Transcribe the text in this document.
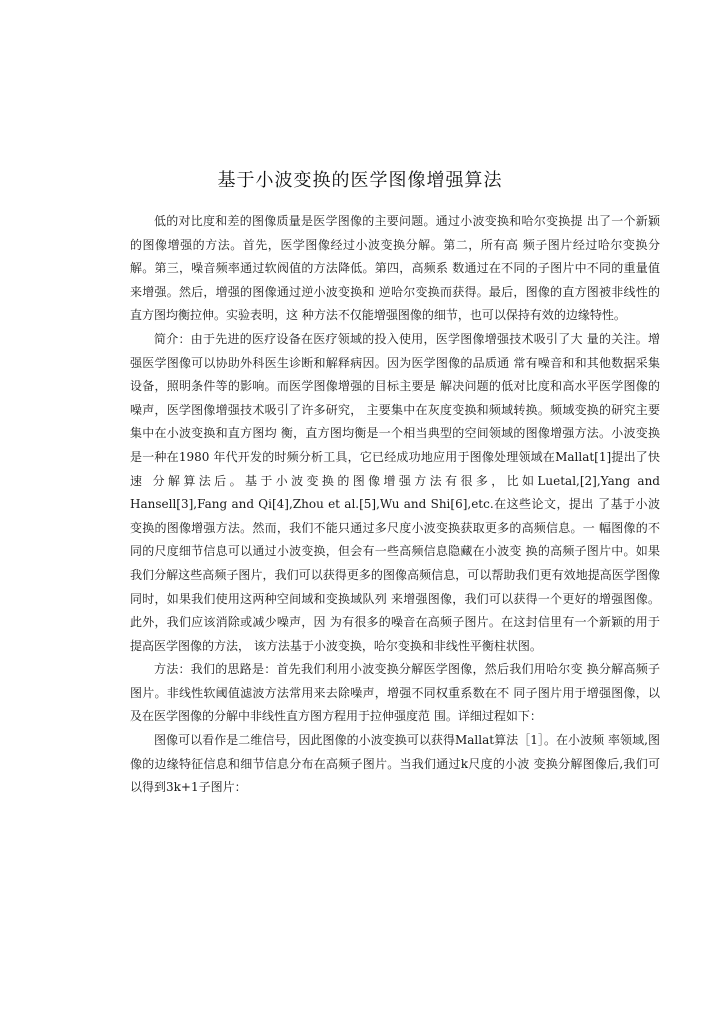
基于小波变换的医学图像增强算法

低的对比度和差的图像质量是医学图像的主要问题。通过小波变换和哈尔变换提 出了一个新颖的图像增强的方法。首先，医学图像经过小波变换分解。第二，所有高 频子图片经过哈尔变换分解。第三，噪音频率通过软阀值的方法降低。第四，高频系 数通过在不同的子图片中不同的重量值来增强。然后，增强的图像通过逆小波变换和 逆哈尔变换而获得。最后，图像的直方图被非线性的直方图均衡拉伸。实验表明，这 种方法不仅能增强图像的细节，也可以保持有效的边缘特性。

简介：由于先进的医疗设备在医疗领域的投入使用，医学图像增强技术吸引了大 量的关注。增强医学图像可以协助外科医生诊断和解释病因。因为医学图像的品质通 常有噪音和和其他数据采集设备，照明条件等的影响。而医学图像增强的目标主要是 解决问题的低对比度和高水平医学图像的噪声，医学图像增强技术吸引了许多研究， 主要集中在灰度变换和频域转换。频域变换的研究主要集中在小波变换和直方图均 衡，直方图均衡是一个相当典型的空间领域的图像增强方法。小波变换是一种在1980 年代开发的时频分析工具，它已经成功地应用于图像处理领域在Mallat[1]提出了快速 分解算法后。基于小波变换的图像增强方法有很多，比如Luetal,[2],Yang and Hansell[3],Fang and Qi[4],Zhou et al.[5],Wu and Shi[6],etc.在这些论文，提出 了基于小波 变换的图像增强方法。然而，我们不能只通过多尺度小波变换获取更多的高频信息。一 幅图像的不同的尺度细节信息可以通过小波变换，但会有一些高频信息隐藏在小波变 换的高频子图片中。如果我们分解这些高频子图片，我们可以获得更多的图像高频信息，可以帮助我们更有效地提高医学图像同时，如果我们使用这两种空间域和变换域队列 来增强图像，我们可以获得一个更好的增强图像。此外，我们应该消除或减少噪声，因 为有很多的噪音在高频子图片。在这封信里有一个新颖的用于提高医学图像的方法， 该方法基于小波变换，哈尔变换和非线性平衡柱状图。

方法：我们的思路是：首先我们利用小波变换分解医学图像，然后我们用哈尔变 换分解高频子图片。非线性软阈值滤波方法常用来去除噪声，增强不同权重系数在不 同子图片用于增强图像，以及在医学图像的分解中非线性直方图方程用于拉伸强度范 围。详细过程如下：

图像可以看作是二维信号，因此图像的小波变换可以获得Mallat算法［1］。在小波频 率领域,图像的边缘特征信息和细节信息分布在高频子图片。当我们通过k尺度的小波 变换分解图像后,我们可以得到3k+1子图片：
